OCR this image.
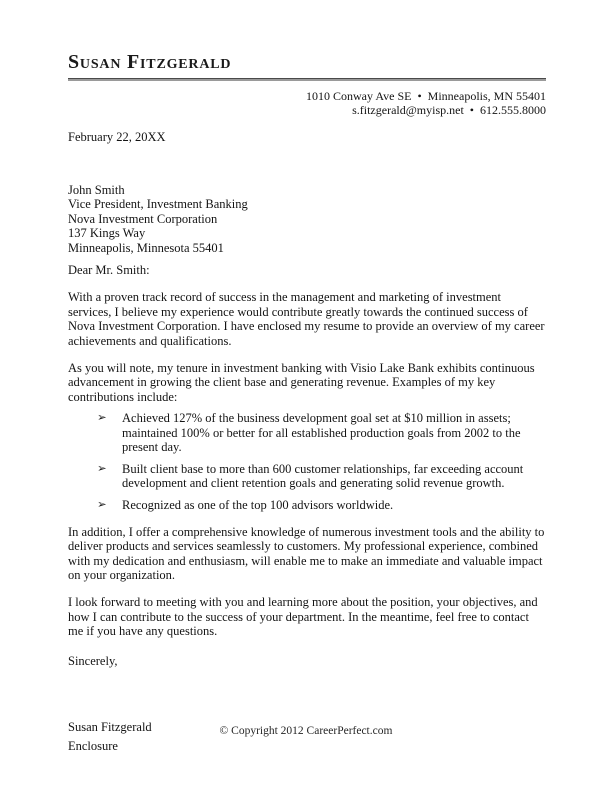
Susan Fitzgerald
1010 Conway Ave SE  •  Minneapolis, MN 55401
s.fitzgerald@myisp.net  •  612.555.8000
February 22, 20XX
John Smith
Vice President, Investment Banking
Nova Investment Corporation
137 Kings Way
Minneapolis, Minnesota 55401

Dear Mr. Smith:

With a proven track record of success in the management and marketing of investment services, I believe my experience would contribute greatly towards the continued success of Nova Investment Corporation. I have enclosed my resume to provide an overview of my career achievements and qualifications.

As you will note, my tenure in investment banking with Visio Lake Bank exhibits continuous advancement in growing the client base and generating revenue. Examples of my key contributions include:

➢	Achieved 127% of the business development goal set at $10 million in assets; maintained 100% or better for all established production goals from 2002 to the present day.
➢	Built client base to more than 600 customer relationships, far exceeding account development and client retention goals and generating solid revenue growth.
➢	Recognized as one of the top 100 advisors worldwide.

In addition, I offer a comprehensive knowledge of numerous investment tools and the ability to deliver products and services seamlessly to customers. My professional experience, combined with my dedication and enthusiasm, will enable me to make an immediate and valuable impact on your organization.

I look forward to meeting with you and learning more about the position, your objectives, and how I can contribute to the success of your department. In the meantime, feel free to contact me if you have any questions.

Sincerely,
Susan Fitzgerald
Enclosure
© Copyright 2012 CareerPerfect.com
